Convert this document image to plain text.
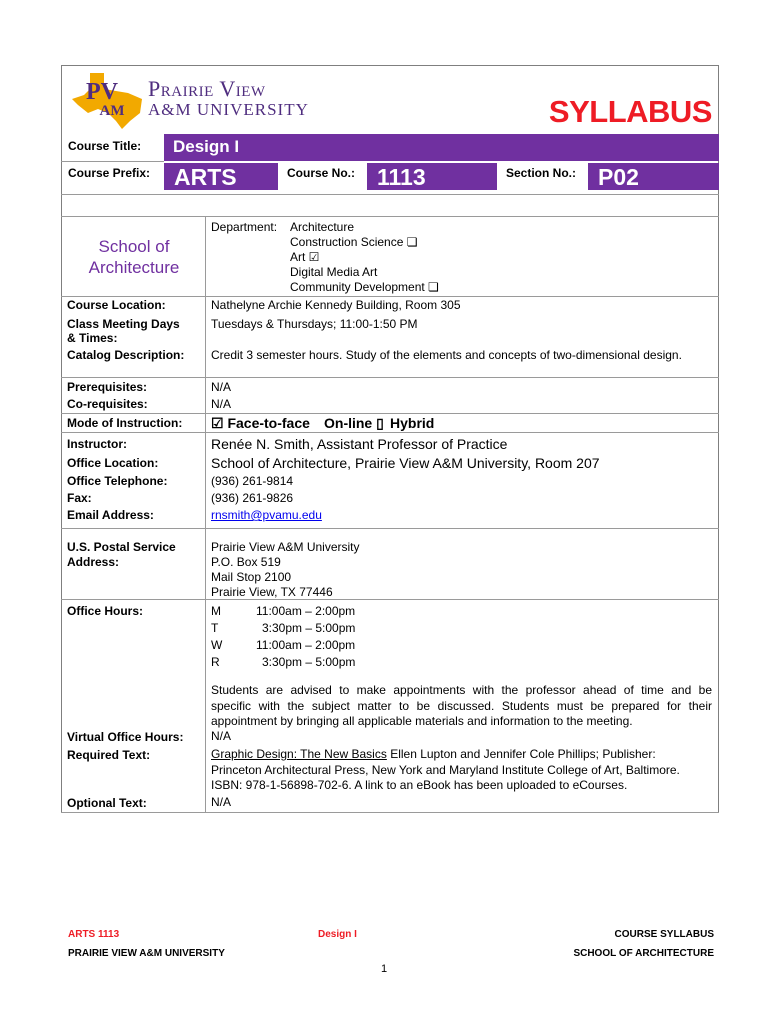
PV
AM
Prairie View
A&M UNIVERSITY	SYLLABUS
Course Title: Design I
Course Prefix: ARTS	Course No.: 1113	Section No.: P02
School of
Architecture
Department: Architecture
Construction Science ❏
Art ☑
Digital Media Art
Community Development ❏
Course Location:	Nathelyne Archie Kennedy Building, Room 305
Class Meeting Days
& Times:
Tuesdays & Thursdays; 11:00-1:50 PM
Catalog Description: Credit 3 semester hours. Study of the elements and concepts of two-dimensional design.
Prerequisites:	N/A
Co-requisites:	N/A
Mode of Instruction: ☑ Face-to-face On-line ▯ Hybrid
Instructor:	Renée N. Smith, Assistant Professor of Practice
Office Location:	School of Architecture, Prairie View A&M University, Room 207
Office Telephone:	(936) 261-9814
Fax:	(936) 261-9826
Email Address:	rnsmith@pvamu.edu
U.S. Postal Service
Address:
Prairie View A&M University
P.O. Box 519
Mail Stop 2100
Prairie View, TX 77446
Office Hours:	M	11:00am – 2:00pm
T	3:30pm – 5:00pm
W	11:00am – 2:00pm
R	3:30pm – 5:00pm
Students are advised to make appointments with the professor ahead of time and be
specific with the subject matter to be discussed. Students must be prepared for their
appointment by bringing all applicable materials and information to the meeting.
Virtual Office Hours: N/A
Required Text:	Graphic Design: The New Basics Ellen Lupton and Jennifer Cole Phillips; Publisher:
Princeton Architectural Press, New York and Maryland Institute College of Art, Baltimore.
ISBN: 978-1-56898-702-6. A link to an eBook has been uploaded to eCourses.
Optional Text:	N/A
ARTS 1113
PRAIRIE VIEW A&M UNIVERSITY
Design I	COURSE SYLLABUS
SCHOOL OF ARCHITECTURE
1
